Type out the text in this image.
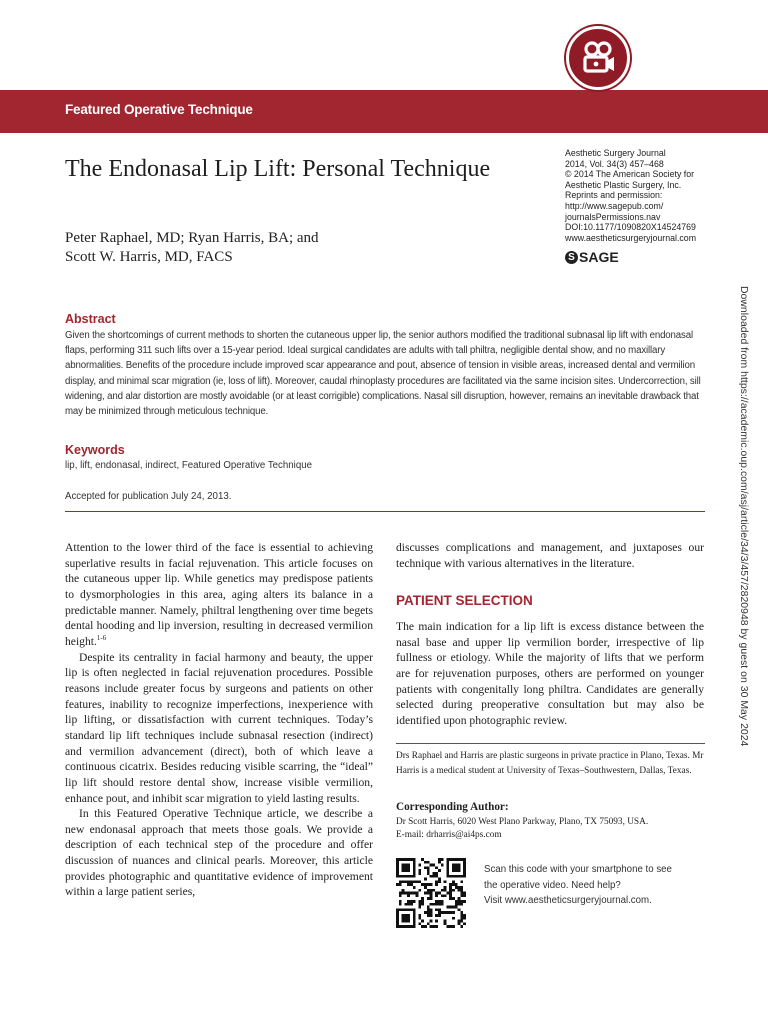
Featured Operative Technique
The Endonasal Lip Lift: Personal Technique
Peter Raphael, MD; Ryan Harris, BA; and
Scott W. Harris, MD, FACS
Aesthetic Surgery Journal
2014, Vol. 34(3) 457–468
© 2014 The American Society for
Aesthetic Plastic Surgery, Inc.
Reprints and permission:
http://www.sagepub.com/
journalsPermissions.nav
DOI:10.1177/1090820X14524769
www.aestheticsurgeryjournal.com
S SAGE
Downloaded from https://academic.oup.com/asj/article/34/3/457/2820948 by guest on 30 May 2024
Abstract
Given the shortcomings of current methods to shorten the cutaneous upper lip, the senior authors modified the traditional subnasal lip lift with endonasal flaps, performing 311 such lifts over a 15-year period. Ideal surgical candidates are adults with tall philtra, negligible dental show, and no maxillary abnormalities. Benefits of the procedure include improved scar appearance and pout, absence of tension in visible areas, increased dental and vermilion display, and minimal scar migration (ie, loss of lift). Moreover, caudal rhinoplasty procedures are facilitated via the same incision sites. Undercorrection, sill widening, and alar distortion are mostly avoidable (or at least corrigible) complications. Nasal sill disruption, however, remains an inevitable drawback that may be minimized through meticulous technique.
Keywords
lip, lift, endonasal, indirect, Featured Operative Technique
Accepted for publication July 24, 2013.

Attention to the lower third of the face is essential to achieving superlative results in facial rejuvenation. This article focuses on the cutaneous upper lip. While genetics may predispose patients to dysmorphologies in this area, aging alters its balance in a predictable manner. Namely, philtral lengthening over time begets dental hooding and lip inversion, resulting in decreased vermilion height.$^{1-6}$

Despite its centrality in facial harmony and beauty, the upper lip is often neglected in facial rejuvenation procedures. Possible reasons include greater focus by surgeons and patients on other features, inability to recognize imperfections, inexperience with lip lifting, or dissatisfaction with current techniques. Today’s standard lip lift techniques include subnasal resection (indirect) and vermilion advancement (direct), both of which leave a continuous cicatrix. Besides reducing visible scarring, the “ideal” lip lift should restore dental show, increase visible vermilion, enhance pout, and inhibit scar migration to yield lasting results.

In this Featured Operative Technique article, we describe a new endonasal approach that meets those goals. We provide a description of each technical step of the procedure and offer discussion of nuances and clinical pearls. Moreover, this article provides photographic and quantitative evidence of improvement within a large patient series,

discusses complications and management, and juxtaposes our technique with various alternatives in the literature.

PATIENT SELECTION

The main indication for a lip lift is excess distance between the nasal base and upper lip vermilion border, irrespective of lip fullness or etiology. While the majority of lifts that we perform are for rejuvenation purposes, others are performed on younger patients with congenitally long philtra. Candidates are generally selected during preoperative consultation but may also be identified upon photographic review.

Drs Raphael and Harris are plastic surgeons in private practice in Plano, Texas. Mr Harris is a medical student at University of Texas–Southwestern, Dallas, Texas.
Corresponding Author:
Dr Scott Harris, 6020 West Plano Parkway, Plano, TX 75093, USA.
E-mail: drharris@ai4ps.com
Scan this code with your smartphone to see
the operative video. Need help?
Visit www.aestheticsurgeryjournal.com.
